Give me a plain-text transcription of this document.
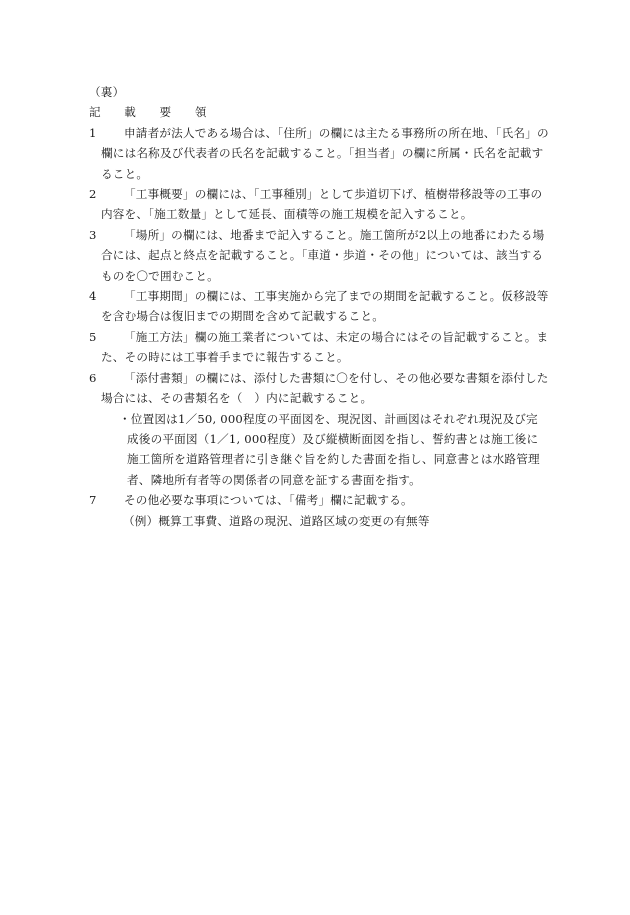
（裏）
記 載 要 領
1	申請者が法人である場合は、「住所」の欄には主たる事務所の所在地、「氏名」の欄には名称及び代表者の氏名を記載すること。「担当者」の欄に所属・氏名を記載すること。
2	「工事概要」の欄には、「工事種別」として歩道切下げ、植樹帯移設等の工事の内容を、「施工数量」として延長、面積等の施工規模を記入すること。
3	「場所」の欄には、地番まで記入すること。施工箇所が2以上の地番にわたる場合には、起点と終点を記載すること。「車道・歩道・その他」については、該当するものを〇で囲むこと。
4	「工事期間」の欄には、工事実施から完了までの期間を記載すること。仮移設等を含む場合は復旧までの期間を含めて記載すること。
5	「施工方法」欄の施工業者については、未定の場合にはその旨記載すること。また、その時には工事着手までに報告すること。
6	「添付書類」の欄には、添付した書類に〇を付し、その他必要な書類を添付した場合には、その書類名を（　）内に記載すること。
・位置図は1／50, 000程度の平面図を、現況図、計画図はそれぞれ現況及び完成後の平面図（1／1, 000程度）及び縦横断面図を指し、誓約書とは施工後に施工箇所を道路管理者に引き継ぐ旨を約した書面を指し、同意書とは水路管理者、隣地所有者等の関係者の同意を証する書面を指す。
7	その他必要な事項については、「備考」欄に記載する。
（例）概算工事費、道路の現況、道路区域の変更の有無等
